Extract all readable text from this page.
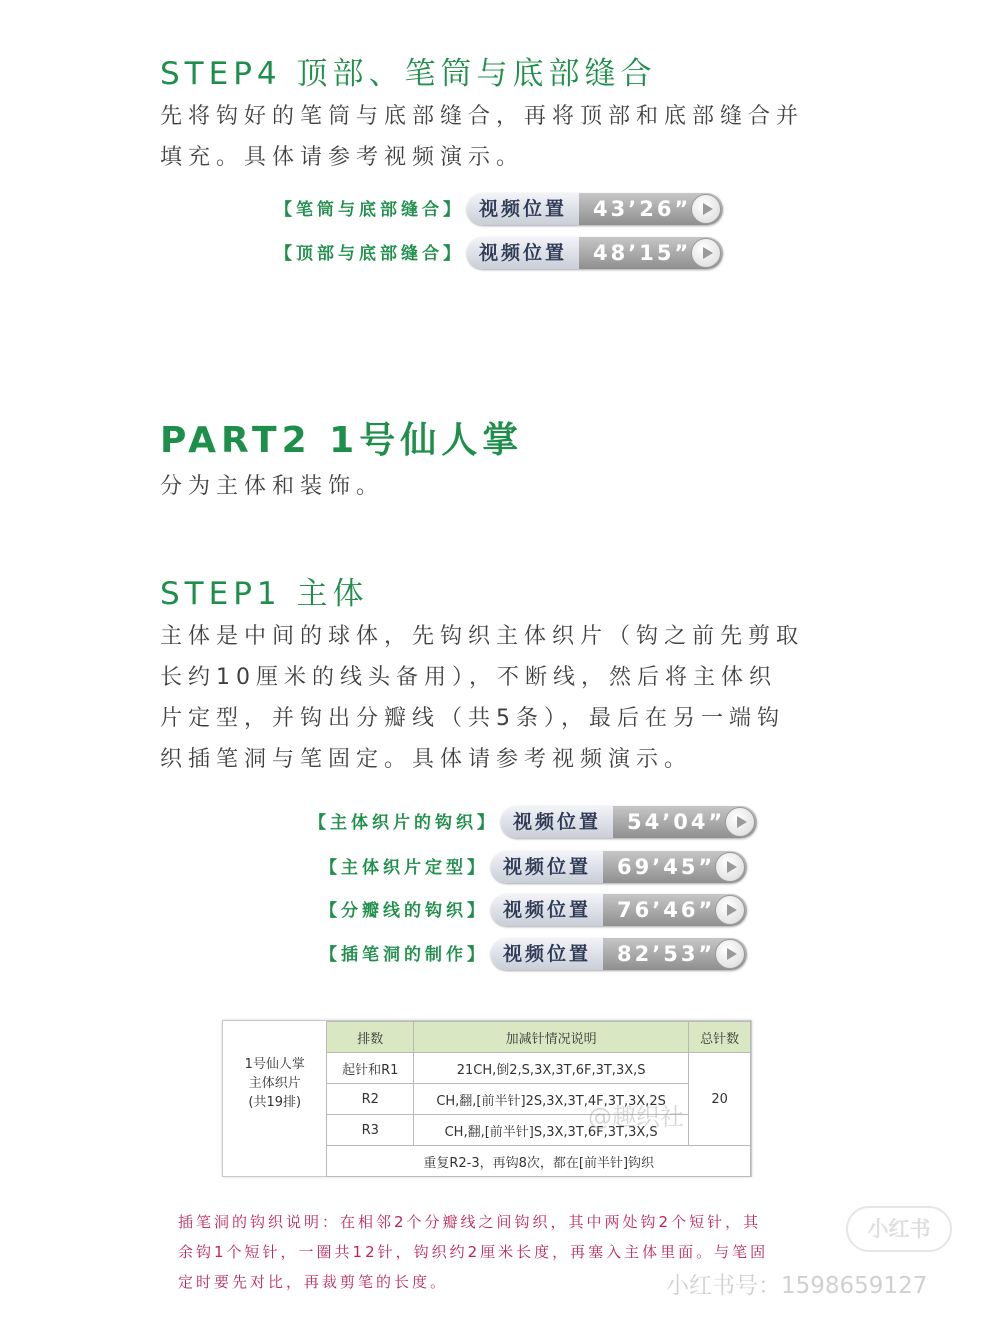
STEP4 顶部、笔筒与底部缝合

先将钩好的笔筒与底部缝合，再将顶部和底部缝合并

填充。具体请参考视频演示。

【笔筒与底部缝合】 视频位置	43’26”
【顶部与底部缝合】 视频位置	48’15”
PART2 1号仙人掌
分为主体和装饰。
STEP1 主体

主体是中间的球体，先钩织主体织片（钩之前先剪取

长约10厘米的线头备用），不断线，然后将主体织

片定型，并钩出分瓣线（共5条），最后在另一端钩

织插笔洞与笔固定。具体请参考视频演示。

【主体织片的钩织】 视频位置	54’04”
【主体织片定型】 视频位置	69’45”
【分瓣线的钩织】 视频位置	76’46”
【插笔洞的制作】 视频位置	82’53”
1号仙人掌
主体织片
(共19排)	排数	加减针情况说明	总针数
	起针和R1	21CH,倒2,S,3X,3T,6F,3T,3X,S	20
	R2	CH,翻,[前半针]2S,3X,3T,4F,3T,3X,2S	
	R3	CH,翻,[前半针]S,3X,3T,6F,3T,3X,S	
	重复R2-3，再钩8次，都在[前半针]钩织		
@趣织社

插笔洞的钩织说明：在相邻2个分瓣线之间钩织，其中两处钩2个短针，其

余钩1个短针，一圈共12针，钩织约2厘米长度，再塞入主体里面。与笔固

定时要先对比，再裁剪笔的长度。

小红书
小红书号：1598659127
